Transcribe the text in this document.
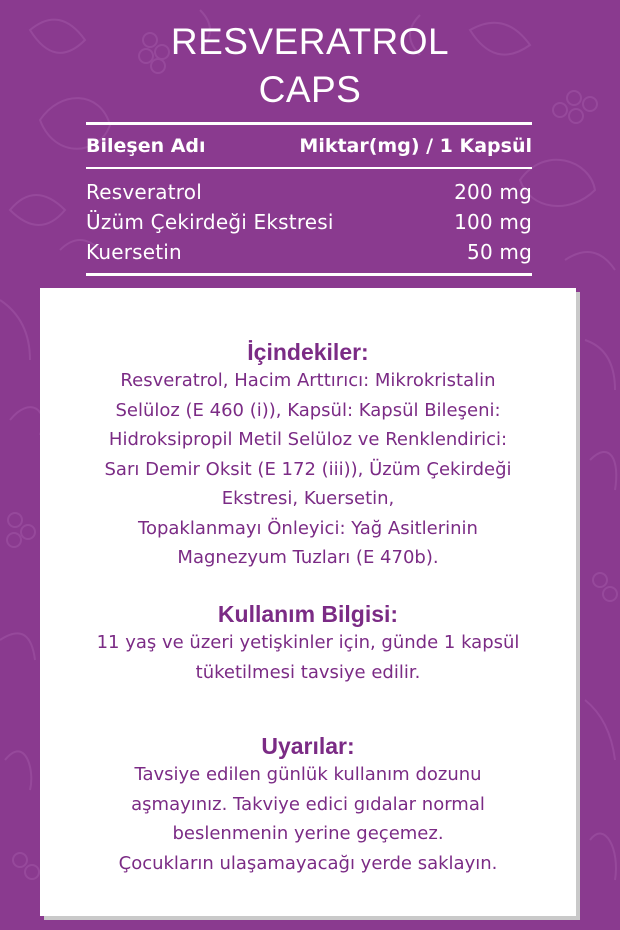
RESVERATROL
CAPS
Bileşen Adı	Miktar(mg) / 1 Kapsül
Resveratrol	200 mg
Üzüm Çekirdeği Ekstresi	100 mg
Kuersetin	50 mg
İçindekiler:
Resveratrol, Hacim Arttırıcı: Mikrokristalin
Selüloz (E 460 (i)), Kapsül: Kapsül Bileşeni:
Hidroksipropil Metil Selüloz ve Renklendirici:
Sarı Demir Oksit (E 172 (iii)), Üzüm Çekirdeği
Ekstresi, Kuersetin,
Topaklanmayı Önleyici: Yağ Asitlerinin
Magnezyum Tuzları (E 470b).
Kullanım Bilgisi:
11 yaş ve üzeri yetişkinler için, günde 1 kapsül
tüketilmesi tavsiye edilir.
Uyarılar:
Tavsiye edilen günlük kullanım dozunu
aşmayınız. Takviye edici gıdalar normal
beslenmenin yerine geçemez.
Çocukların ulaşamayacağı yerde saklayın.
